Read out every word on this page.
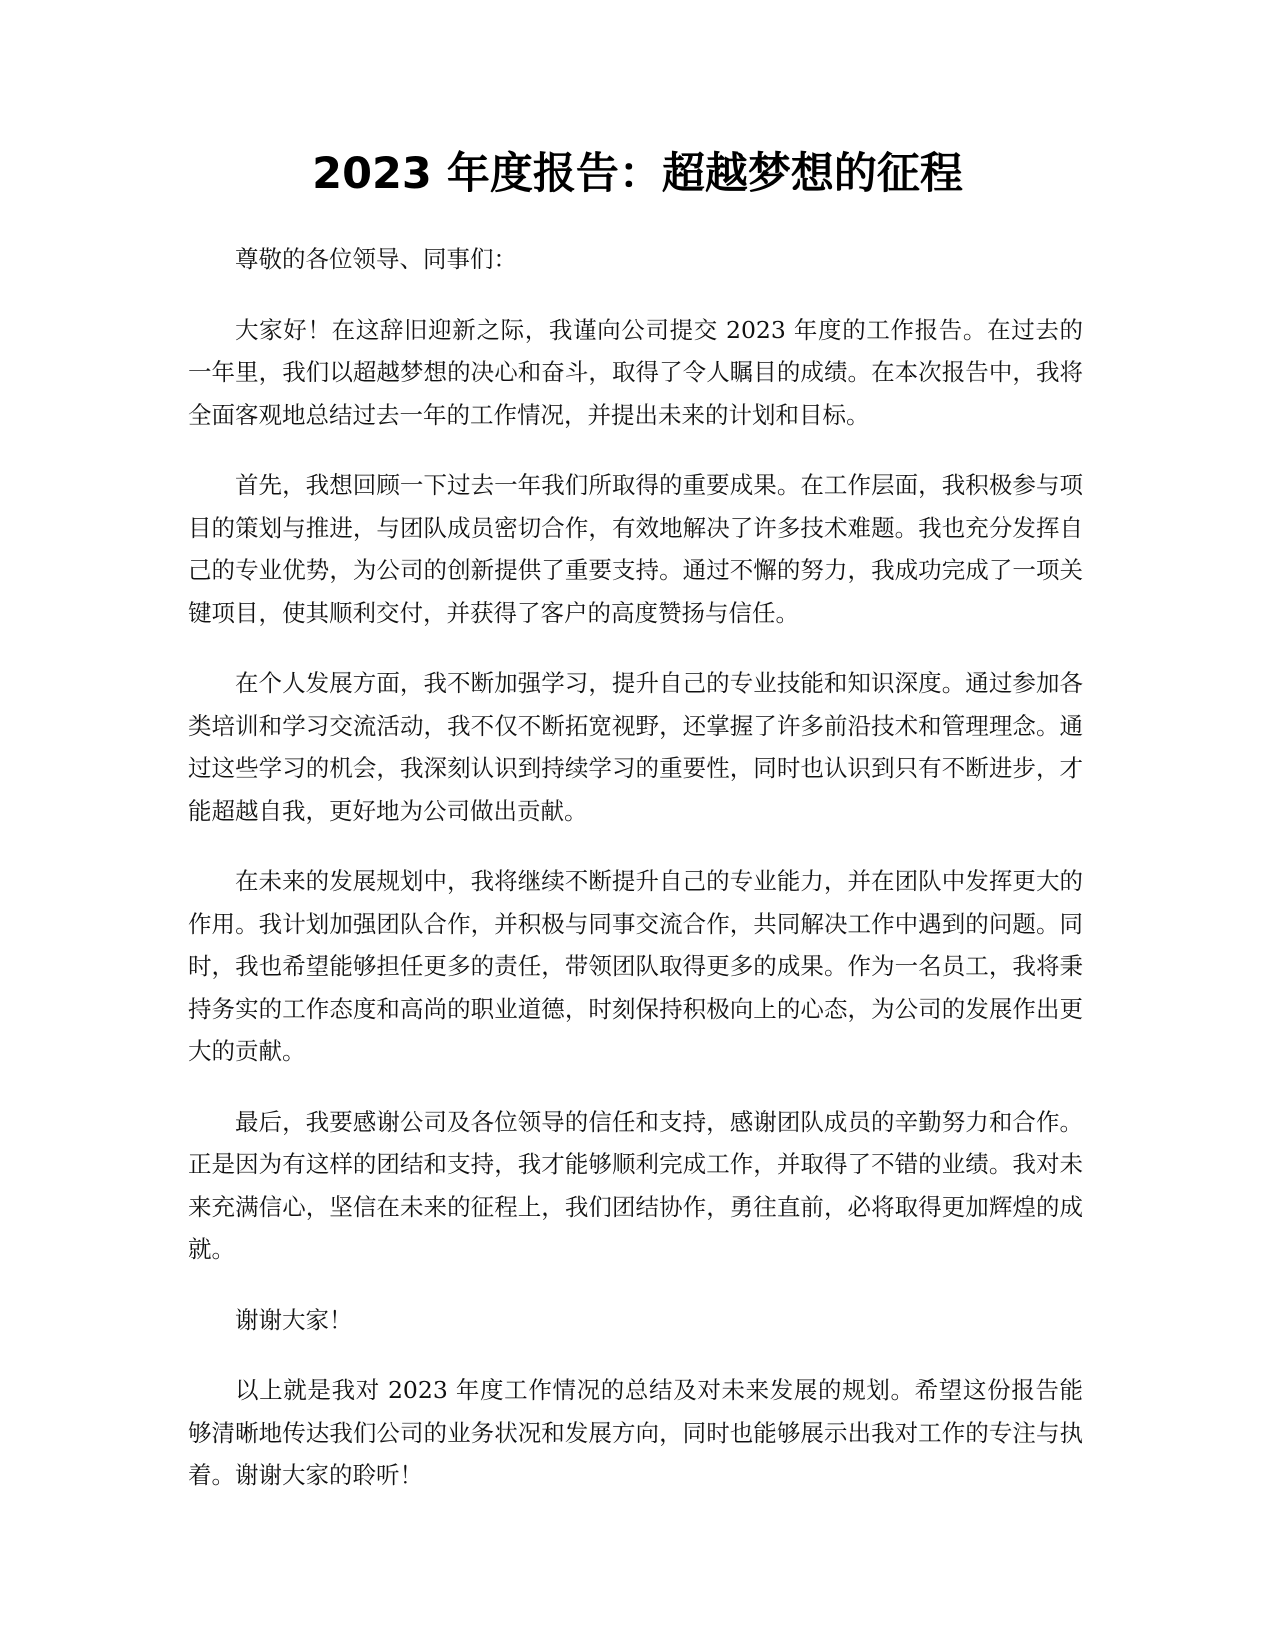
2023 年度报告：超越梦想的征程

尊敬的各位领导、同事们：

大家好！在这辞旧迎新之际，我谨向公司提交 2023 年度的工作报告。在过去的一年里，我们以超越梦想的决心和奋斗，取得了令人瞩目的成绩。在本次报告中，我将全面客观地总结过去一年的工作情况，并提出未来的计划和目标。

首先，我想回顾一下过去一年我们所取得的重要成果。在工作层面，我积极参与项目的策划与推进，与团队成员密切合作，有效地解决了许多技术难题。我也充分发挥自己的专业优势，为公司的创新提供了重要支持。通过不懈的努力，我成功完成了一项关键项目，使其顺利交付，并获得了客户的高度赞扬与信任。

在个人发展方面，我不断加强学习，提升自己的专业技能和知识深度。通过参加各类培训和学习交流活动，我不仅不断拓宽视野，还掌握了许多前沿技术和管理理念。通过这些学习的机会，我深刻认识到持续学习的重要性，同时也认识到只有不断进步，才能超越自我，更好地为公司做出贡献。

在未来的发展规划中，我将继续不断提升自己的专业能力，并在团队中发挥更大的作用。我计划加强团队合作，并积极与同事交流合作，共同解决工作中遇到的问题。同时，我也希望能够担任更多的责任，带领团队取得更多的成果。作为一名员工，我将秉持务实的工作态度和高尚的职业道德，时刻保持积极向上的心态，为公司的发展作出更大的贡献。

最后，我要感谢公司及各位领导的信任和支持，感谢团队成员的辛勤努力和合作。正是因为有这样的团结和支持，我才能够顺利完成工作，并取得了不错的业绩。我对未来充满信心，坚信在未来的征程上，我们团结协作，勇往直前，必将取得更加辉煌的成就。

谢谢大家！

以上就是我对 2023 年度工作情况的总结及对未来发展的规划。希望这份报告能够清晰地传达我们公司的业务状况和发展方向，同时也能够展示出我对工作的专注与执着。谢谢大家的聆听！
